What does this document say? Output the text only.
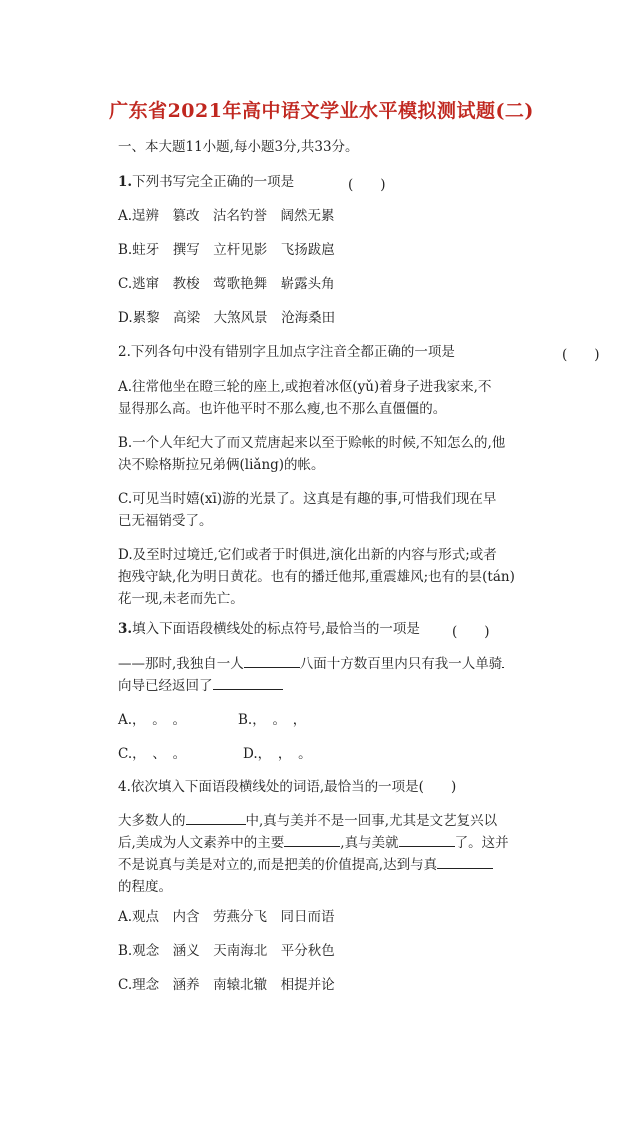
广东省2021年高中语文学业水平模拟测试题(二)
一、本大题11小题,每小题3分,共33分。
1.下列书写完全正确的一项是	(　　)
A.逞辨　篡改　沽名钓誉　阔然无累
B.蛀牙　撰写　立杆见影　飞扬跋扈
C.逃窜　教梭　莺歌艳舞　崭露头角
D.累黎　高梁　大煞风景　沧海桑田
2.下列各句中没有错别字且加点字注音全都正确的一项是	(　　)
A.往常他坐在瞪三轮的座上,或抱着冰伛(yǔ)着身子进我家来,不
显得那么高。也许他平时不那么瘦,也不那么直僵僵的。
B.一个人年纪大了而又荒唐起来以至于赊帐的时候,不知怎么的,他
决不赊格斯拉兄弟俩(liǎng)的帐。
C.可见当时嬉(xī)游的光景了。这真是有趣的事,可惜我们现在早
已无福销受了。
D.及至时过境迁,它们或者于时俱进,演化出新的内容与形式;或者
抱残守缺,化为明日黄花。也有的播迁他邦,重震雄风;也有的昙(tán)
花一现,未老而先亡。
3.填入下面语段横线处的标点符号,最恰当的一项是 (　　)
——那时,我独自一人	八面十方数百里内只有我一人单骑
向导已经返回了
A.，　。　。	B.，　。　，
C.，　、　。	D.，　，　。
4.依次填入下面语段横线处的词语,最恰当的一项是(　　)
大多数人的	中,真与美并不是一回事,尤其是文艺复兴以
后,美成为人文素养中的主要	,真与美就	了。这并
不是说真与美是对立的,而是把美的价值提高,达到与真
的程度。
A.观点　内含　劳燕分飞　同日而语
B.观念　涵义　天南海北　平分秋色
C.理念　涵养　南辕北辙　相提并论
